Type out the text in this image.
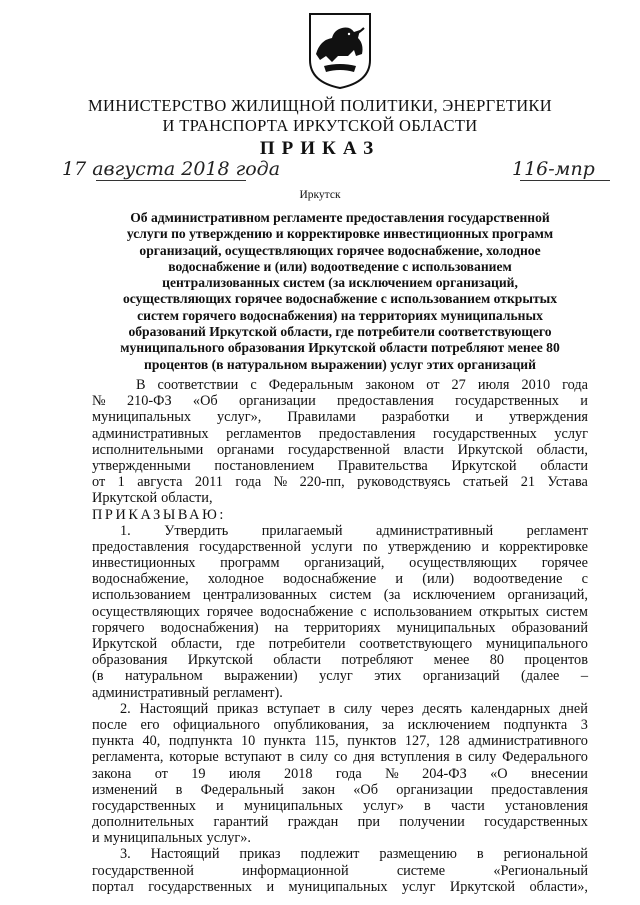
МИНИСТЕРСТВО ЖИЛИЩНОЙ ПОЛИТИКИ, ЭНЕРГЕТИКИ
И ТРАНСПОРТА ИРКУТСКОЙ ОБЛАСТИ
ПРИКАЗ
17 августа 2018 года	116-мпр
Иркутск
Об административном регламенте предоставления государственной
услуги по утверждению и корректировке инвестиционных программ
организаций, осуществляющих горячее водоснабжение, холодное
водоснабжение и (или) водоотведение с использованием
централизованных систем (за исключением организаций,
осуществляющих горячее водоснабжение с использованием открытых
систем горячего водоснабжения) на территориях муниципальных
образований Иркутской области, где потребители соответствующего
муниципального образования Иркутской области потребляют менее 80
процентов (в натуральном выражении) услуг этих организаций
В соответствии с Федеральным законом от 27 июля 2010 года
№ 210-ФЗ «Об организации предоставления государственных и
муниципальных услуг», Правилами разработки и утверждения
административных регламентов предоставления государственных услуг
исполнительными органами государственной власти Иркутской области,
утвержденными постановлением Правительства Иркутской области
от 1 августа 2011 года № 220-пп, руководствуясь статьей 21 Устава
Иркутской области,
ПРИКАЗЫВАЮ:
1. Утвердить прилагаемый административный регламент
предоставления государственной услуги по утверждению и корректировке
инвестиционных программ организаций, осуществляющих горячее
водоснабжение, холодное водоснабжение и (или) водоотведение с
использованием централизованных систем (за исключением организаций,
осуществляющих горячее водоснабжение с использованием открытых систем
горячего водоснабжения) на территориях муниципальных образований
Иркутской области, где потребители соответствующего муниципального
образования Иркутской области потребляют менее 80 процентов
(в натуральном выражении) услуг этих организаций (далее –
административный регламент).
2. Настоящий приказ вступает в силу через десять календарных дней
после его официального опубликования, за исключением подпункта 3
пункта 40, подпункта 10 пункта 115, пунктов 127, 128 административного
регламента, которые вступают в силу со дня вступления в силу Федерального
закона от 19 июля 2018 года № 204-ФЗ «О внесении
изменений в Федеральный закон «Об организации предоставления
государственных и муниципальных услуг» в части установления
дополнительных гарантий граждан при получении государственных
и муниципальных услуг».
3. Настоящий приказ подлежит размещению в региональной
государственной	информационной	системе	«Региональный
портал государственных и муниципальных услуг Иркутской области»,
